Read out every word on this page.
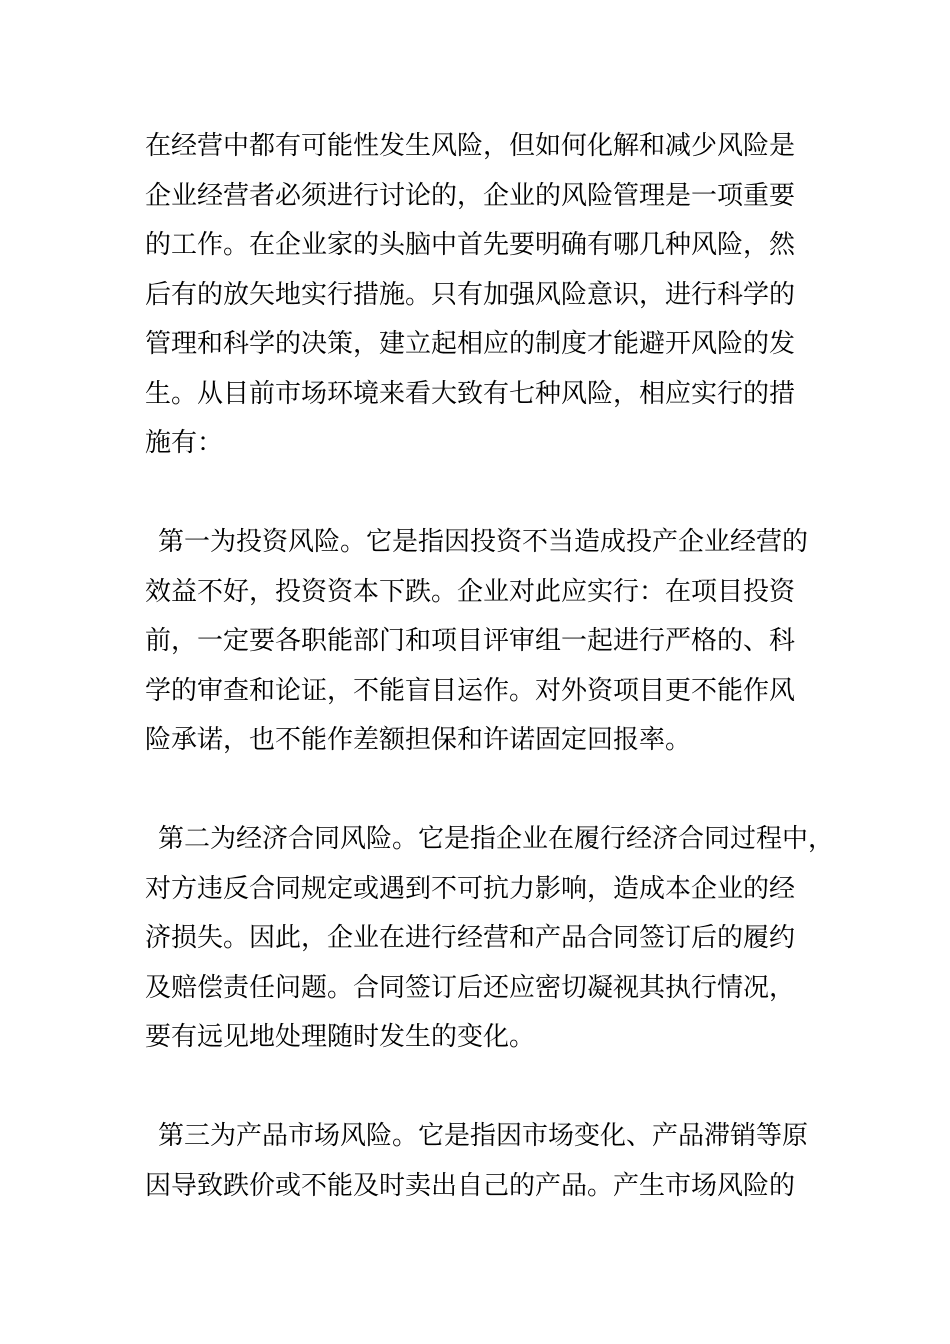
在经营中都有可能性发生风险，但如何化解和减少风险是
企业经营者必须进行讨论的，企业的风险管理是一项重要
的工作。在企业家的头脑中首先要明确有哪几种风险，然
后有的放矢地实行措施。只有加强风险意识，进行科学的
管理和科学的决策，建立起相应的制度才能避开风险的发
生。从目前市场环境来看大致有七种风险，相应实行的措
施有：
第一为投资风险。它是指因投资不当造成投产企业经营的
效益不好，投资资本下跌。企业对此应实行：在项目投资
前，一定要各职能部门和项目评审组一起进行严格的、科
学的审查和论证，不能盲目运作。对外资项目更不能作风
险承诺，也不能作差额担保和许诺固定回报率。
第二为经济合同风险。它是指企业在履行经济合同过程中，
对方违反合同规定或遇到不可抗力影响，造成本企业的经
济损失。因此，企业在进行经营和产品合同签订后的履约
及赔偿责任问题。合同签订后还应密切凝视其执行情况，
要有远见地处理随时发生的变化。
第三为产品市场风险。它是指因市场变化、产品滞销等原
因导致跌价或不能及时卖出自己的产品。产生市场风险的
